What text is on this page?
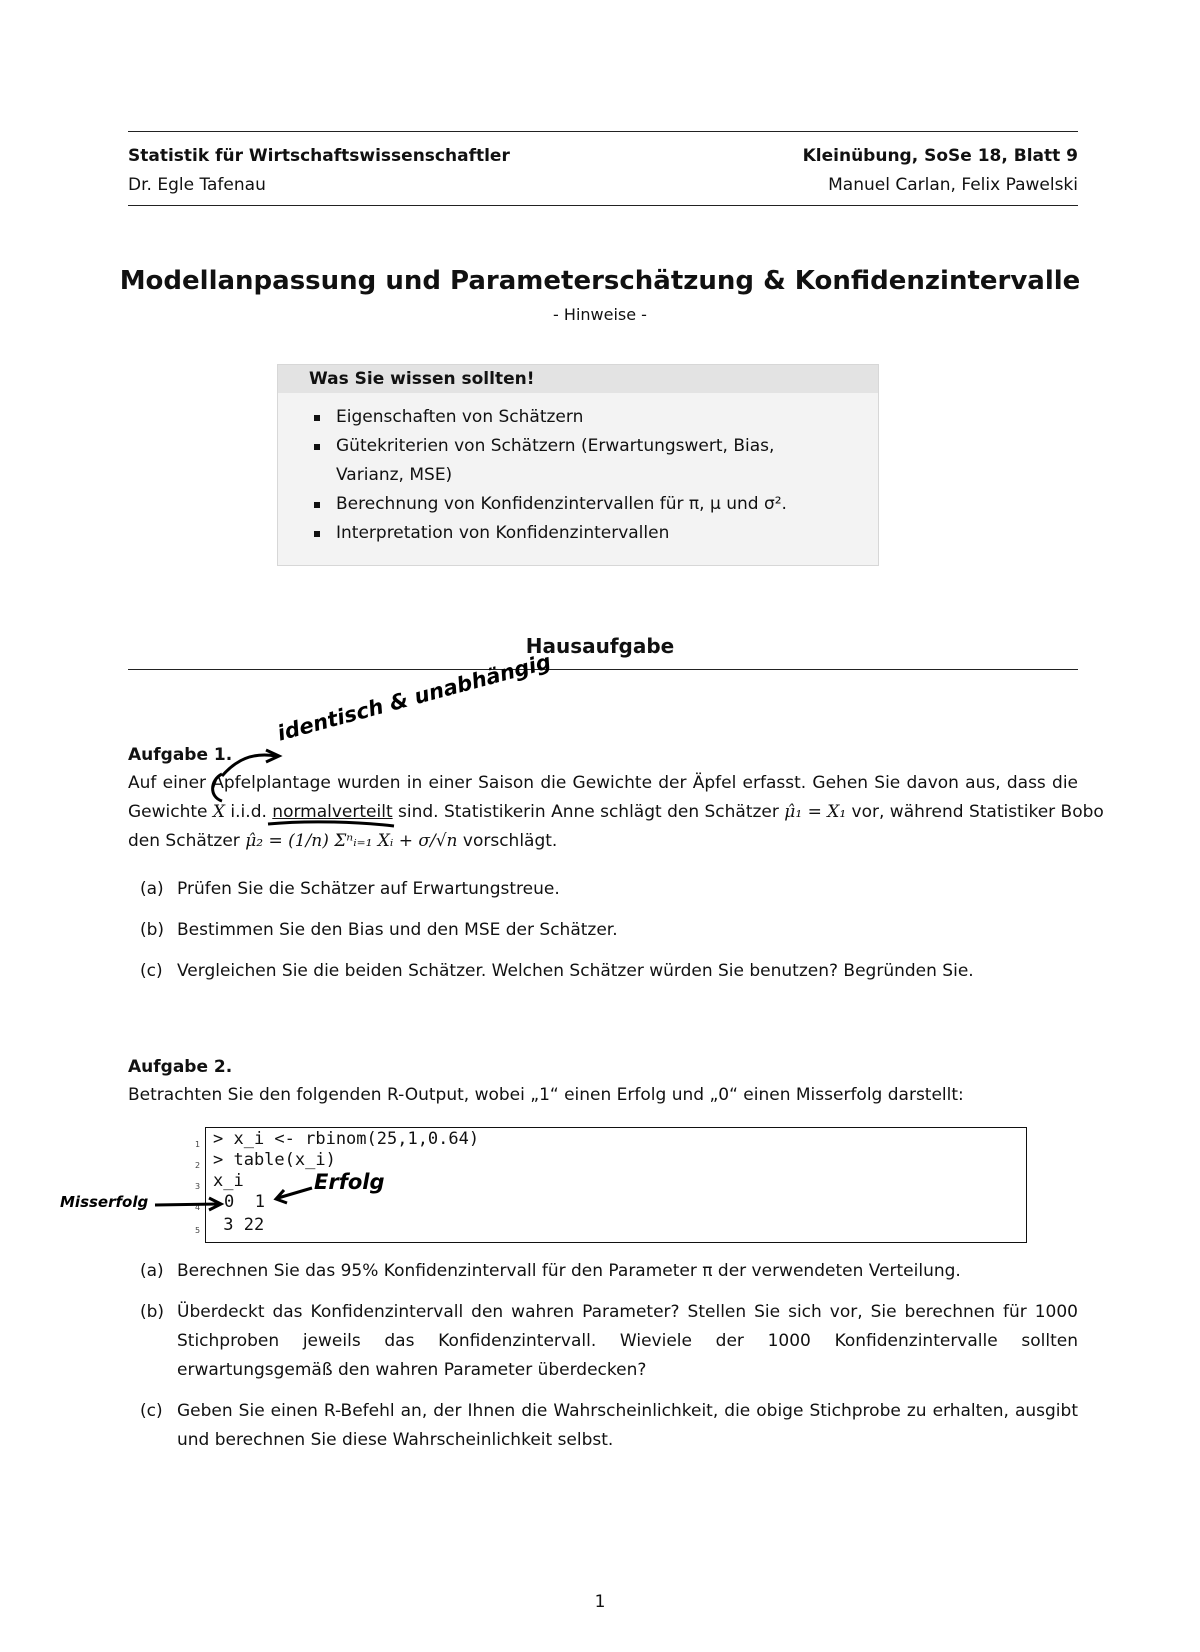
Statistik für Wirtschaftswissenschaftler	Kleinübung, SoSe 18, Blatt 9
Dr. Egle Tafenau	Manuel Carlan, Felix Pawelski
Modellanpassung und Parameterschätzung & Konfidenzintervalle
- Hinweise -
Was Sie wissen sollten!
Eigenschaften von Schätzern
Gütekriterien von Schätzern (Erwartungswert, Bias, Varianz, MSE)
Berechnung von Konfidenzintervallen für π, μ und σ².
Interpretation von Konfidenzintervallen
Hausaufgabe
Aufgabe 1.
Auf einer Apfelplantage wurden in einer Saison die Gewichte der Äpfel erfasst. Gehen Sie davon aus, dass die
Gewichte X i.i.d. normalverteilt sind. Statistikerin Anne schlägt den Schätzer μ̂₁ = X₁ vor, während Statistiker Bobo
den Schätzer μ̂₂ = (1/n) Σⁿᵢ₌₁ Xᵢ + σ/√n vorschlägt.
(a) Prüfen Sie die Schätzer auf Erwartungstreue.
(b) Bestimmen Sie den Bias und den MSE der Schätzer.
(c) Vergleichen Sie die beiden Schätzer. Welchen Schätzer würden Sie benutzen? Begründen Sie.
Aufgabe 2.
Betrachten Sie den folgenden R-Output, wobei „1“ einen Erfolg und „0“ einen Misserfolg darstellt:
> x_i <- rbinom(25,1,0.64)
> table(x_i)
x_i
0  1
3 22
1
2
3
4
5
(a) Berechnen Sie das 95% Konfidenzintervall für den Parameter π der verwendeten Verteilung.
(b) Überdeckt das Konfidenzintervall den wahren Parameter? Stellen Sie sich vor, Sie berechnen für 1000 Stichproben jeweils das Konfidenzintervall. Wieviele der 1000 Konfidenzintervalle sollten erwartungsgemäß den wahren Parameter überdecken?
(c) Geben Sie einen R-Befehl an, der Ihnen die Wahrscheinlichkeit, die obige Stichprobe zu erhalten, ausgibt und berechnen Sie diese Wahrscheinlichkeit selbst.
identisch & unabhängig
Erfolg
Misserfolg
1
